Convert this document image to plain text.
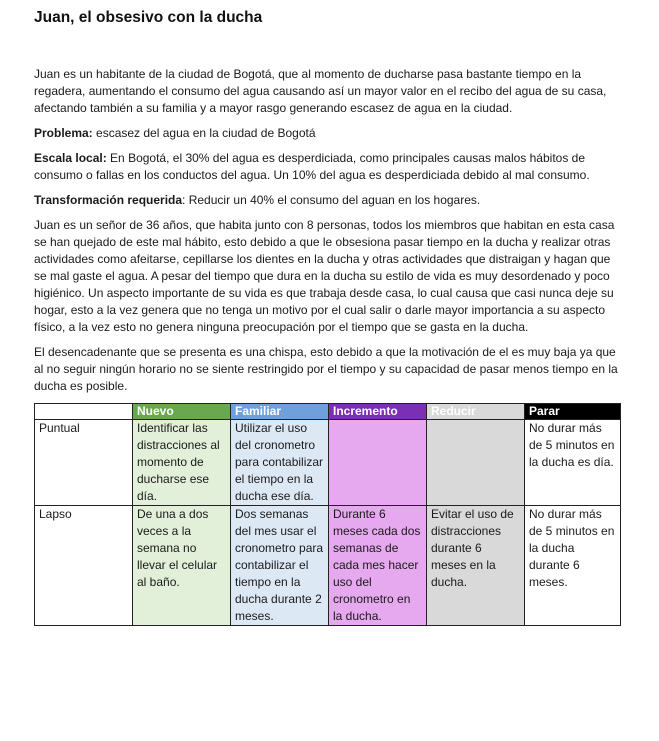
Juan, el obsesivo con la ducha

Juan es un habitante de la ciudad de Bogotá, que al momento de ducharse pasa bastante tiempo en la regadera, aumentando el consumo del agua causando así un mayor valor en el recibo del agua de su casa, afectando también a su familia y a mayor rasgo generando escasez de agua en la ciudad.

Problema: escasez del agua en la ciudad de Bogotá

Escala local: En Bogotá, el 30% del agua es desperdiciada, como principales causas malos hábitos de consumo o fallas en los conductos del agua. Un 10% del agua es desperdiciada debido al mal consumo.

Transformación requerida: Reducir un 40% el consumo del aguan en los hogares.

Juan es un señor de 36 años, que habita junto con 8 personas, todos los miembros que habitan en esta casa se han quejado de este mal hábito, esto debido a que le obsesiona pasar tiempo en la ducha y realizar otras actividades como afeitarse, cepillarse los dientes en la ducha y otras actividades que distraigan y hagan que se mal gaste el agua. A pesar del tiempo que dura en la ducha su estilo de vida es muy desordenado y poco higiénico. Un aspecto importante de su vida es que trabaja desde casa, lo cual causa que casi nunca deje su hogar, esto a la vez genera que no tenga un motivo por el cual salir o darle mayor importancia a su aspecto físico, a la vez esto no genera ninguna preocupación por el tiempo que se gasta en la ducha.

El desencadenante que se presenta es una chispa, esto debido a que la motivación de el es muy baja ya que al no seguir ningún horario no se siente restringido por el tiempo y su capacidad de pasar menos tiempo en la ducha es posible.

	Nuevo	Familiar	Incremento	Reducir	Parar
Puntual	Identificar las distracciones al momento de ducharse ese día.	Utilizar el uso del cronometro para contabilizar el tiempo en la ducha ese día.			No durar más de 5 minutos en la ducha es día.
Lapso	De una a dos veces a la semana no llevar el celular al baño.	Dos semanas del mes usar el cronometro para contabilizar el tiempo en la ducha durante 2 meses.	Durante 6 meses cada dos semanas de cada mes hacer uso del cronometro en la ducha.	Evitar el uso de distracciones durante 6 meses en la ducha.	No durar más de 5 minutos en la ducha durante 6 meses.
